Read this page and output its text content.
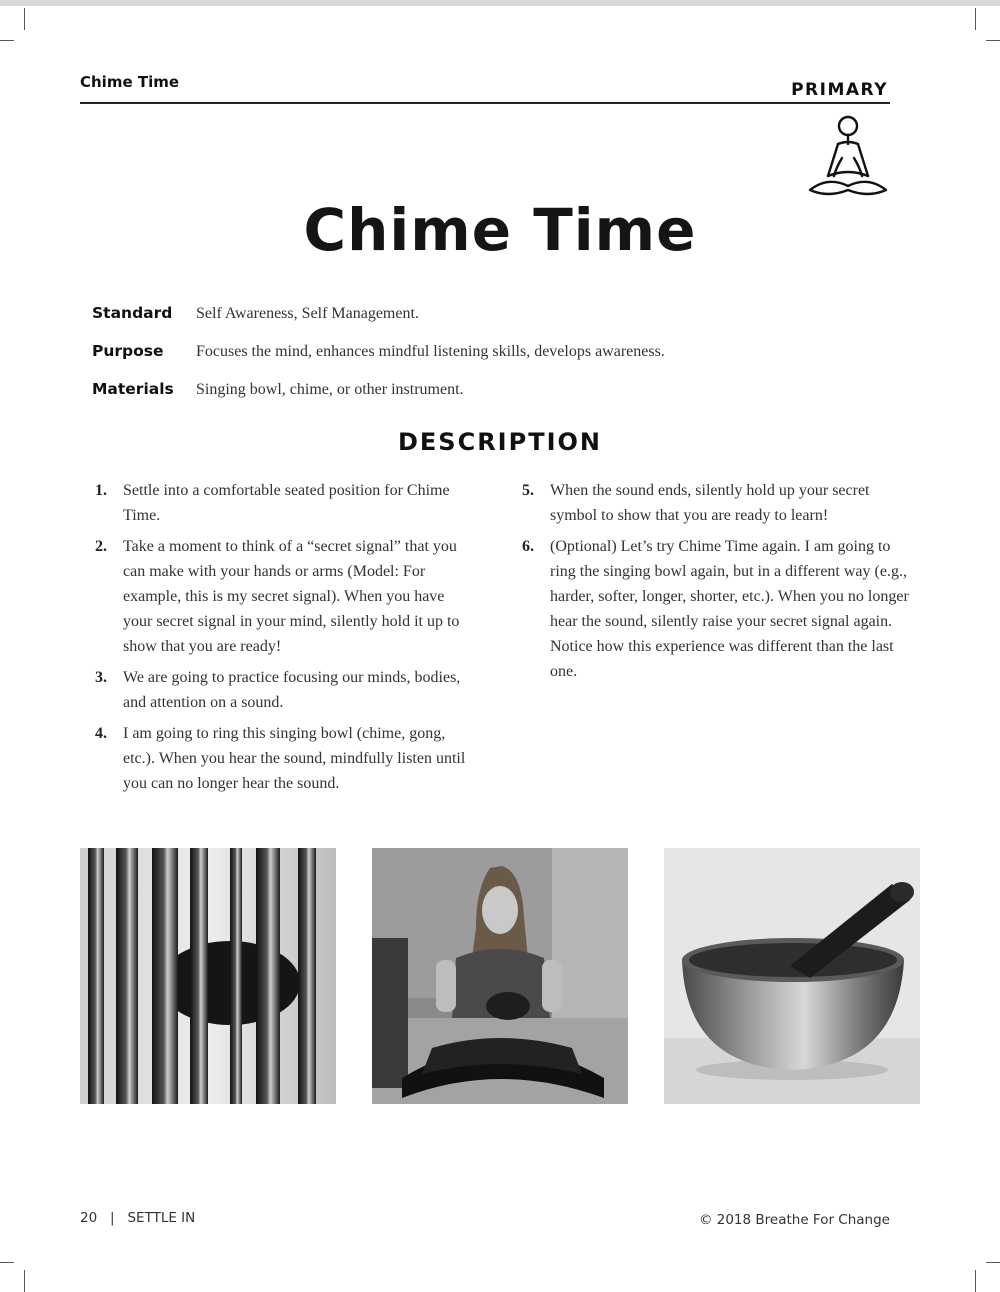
Chime Time	PRIMARY
Chime Time
Standard Self Awareness, Self Management.
Purpose Focuses the mind, enhances mindful listening skills, develops awareness.
Materials Singing bowl, chime, or other instrument.
DESCRIPTION
1. Settle into a comfortable seated position for Chime Time.
2. Take a moment to think of a “secret signal” that you can make with your hands or arms (Model: For example, this is my secret signal). When you have your secret signal in your mind, silently hold it up to show that you are ready!
3. We are going to practice focusing our minds, bodies, and attention on a sound.
4. I am going to ring this singing bowl (chime, gong, etc.). When you hear the sound, mindfully listen until you can no longer hear the sound.
5. When the sound ends, silently hold up your secret symbol to show that you are ready to learn!
6. (Optional) Let’s try Chime Time again. I am going to ring the singing bowl again, but in a different way (e.g., harder, softer, longer, shorter, etc.). When you no longer hear the sound, silently raise your secret signal again. Notice how this experience was different than the last one.
20   |   SETTLE IN	© 2018 Breathe For Change
